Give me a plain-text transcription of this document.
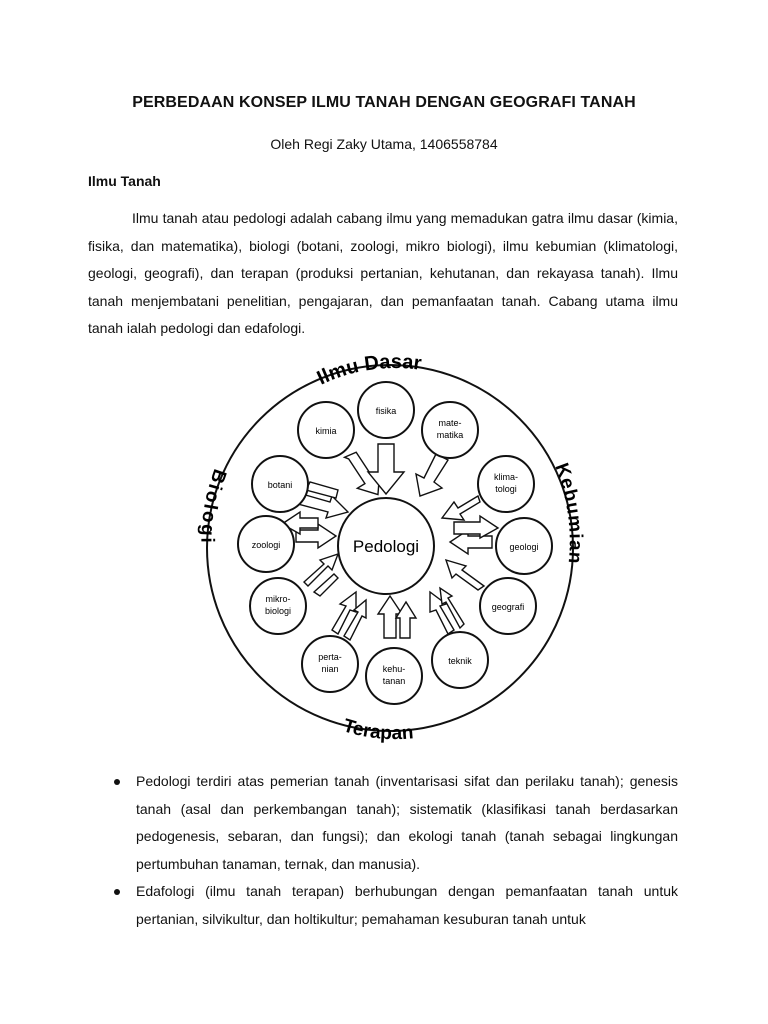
PERBEDAAN KONSEP ILMU TANAH DENGAN GEOGRAFI TANAH
Oleh Regi Zaky Utama, 1406558784
Ilmu Tanah

Ilmu tanah atau pedologi adalah cabang ilmu yang memadukan gatra ilmu dasar (kimia, fisika, dan matematika), biologi (botani, zoologi, mikro biologi), ilmu kebumian (klimatologi, geologi, geografi), dan terapan (produksi pertanian, kehutanan, dan rekayasa tanah). Ilmu tanah menjembatani penelitian, pengajaran, dan pemanfaatan tanah. Cabang utama ilmu tanah ialah pedologi dan edafologi.

Ilmu Dasar
Terapan
Biologi
Kebumian
Pedologi
fisika
kimia
mate-
matika
botani
zoologi
mikro-
biologi
perta-
nian	kehu-
tanan
teknik
klima-
tologi
geologi
geografi
Pedologi terdiri atas pemerian tanah (inventarisasi sifat dan perilaku tanah); genesis tanah (asal dan perkembangan tanah); sistematik (klasifikasi tanah berdasarkan pedogenesis, sebaran, dan fungsi); dan ekologi tanah (tanah sebagai lingkungan pertumbuhan tanaman, ternak, dan manusia).
Edafologi (ilmu tanah terapan) berhubungan dengan pemanfaatan tanah untuk pertanian, silvikultur, dan holtikultur; pemahaman kesuburan tanah untuk
